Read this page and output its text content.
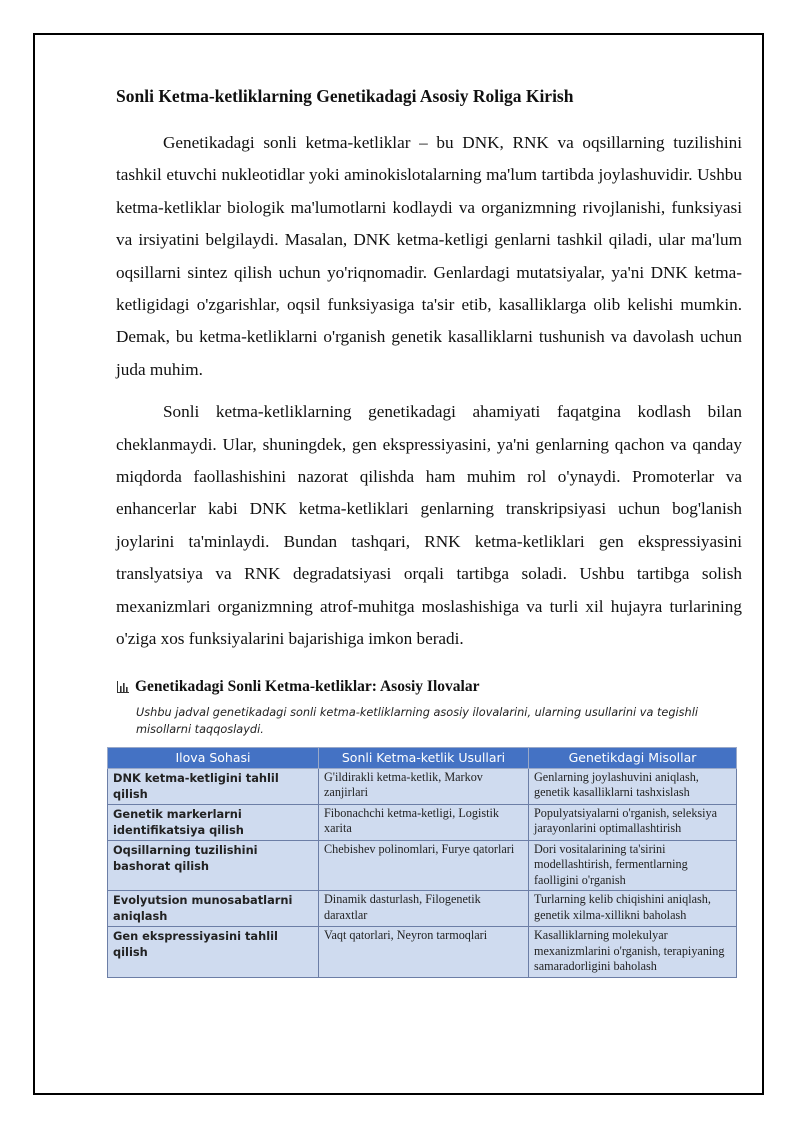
Sonli Ketma-ketliklarning Genetikadagi Asosiy Roliga Kirish

Genetikadagi sonli ketma-ketliklar – bu DNK, RNK va oqsillarning tuzilishini tashkil etuvchi nukleotidlar yoki aminokislotalarning ma'lum tartibda joylashuvidir. Ushbu ketma-ketliklar biologik ma'lumotlarni kodlaydi va organizmning rivojlanishi, funksiyasi va irsiyatini belgilaydi. Masalan, DNK ketma-ketligi genlarni tashkil qiladi, ular ma'lum oqsillarni sintez qilish uchun yo'riqnomadir. Genlardagi mutatsiyalar, ya'ni DNK ketma-ketligidagi o'zgarishlar, oqsil funksiyasiga ta'sir etib, kasalliklarga olib kelishi mumkin. Demak, bu ketma-ketliklarni o'rganish genetik kasalliklarni tushunish va davolash uchun juda muhim.

Sonli ketma-ketliklarning genetikadagi ahamiyati faqatgina kodlash bilan cheklanmaydi. Ular, shuningdek, gen ekspressiyasini, ya'ni genlarning qachon va qanday miqdorda faollashishini nazorat qilishda ham muhim rol o'ynaydi. Promoterlar va enhancerlar kabi DNK ketma-ketliklari genlarning transkripsiyasi uchun bog'lanish joylarini ta'minlaydi. Bundan tashqari, RNK ketma-ketliklari gen ekspressiyasini translyatsiya va RNK degradatsiyasi orqali tartibga soladi. Ushbu tartibga solish mexanizmlari organizmning atrof-muhitga moslashishiga va turli xil hujayra turlarining o'ziga xos funksiyalarini bajarishiga imkon beradi.

Genetikadagi Sonli Ketma-ketliklar: Asosiy Ilovalar
Ushbu jadval genetikadagi sonli ketma-ketliklarning asosiy ilovalarini, ularning usullarini va tegishli misollarni taqqoslaydi.
Ilova Sohasi	Sonli Ketma-ketlik Usullari	Genetikdagi Misollar
DNK ketma-ketligini tahlil qilish	G'ildirakli ketma-ketlik, Markov zanjirlari	Genlarning joylashuvini aniqlash, genetik kasalliklarni tashxislash
Genetik markerlarni identifikatsiya qilish	Fibonachchi ketma-ketligi, Logistik xarita	Populyatsiyalarni o'rganish, seleksiya jarayonlarini optimallashtirish
Oqsillarning tuzilishini bashorat qilish	Chebishev polinomlari, Furye qatorlari	Dori vositalarining ta'sirini modellashtirish, fermentlarning faolligini o'rganish
Evolyutsion munosabatlarni aniqlash	Dinamik dasturlash, Filogenetik daraxtlar	Turlarning kelib chiqishini aniqlash, genetik xilma-xillikni baholash
Gen ekspressiyasini tahlil qilish	Vaqt qatorlari, Neyron tarmoqlari	Kasalliklarning molekulyar mexanizmlarini o'rganish, terapiyaning samaradorligini baholash
